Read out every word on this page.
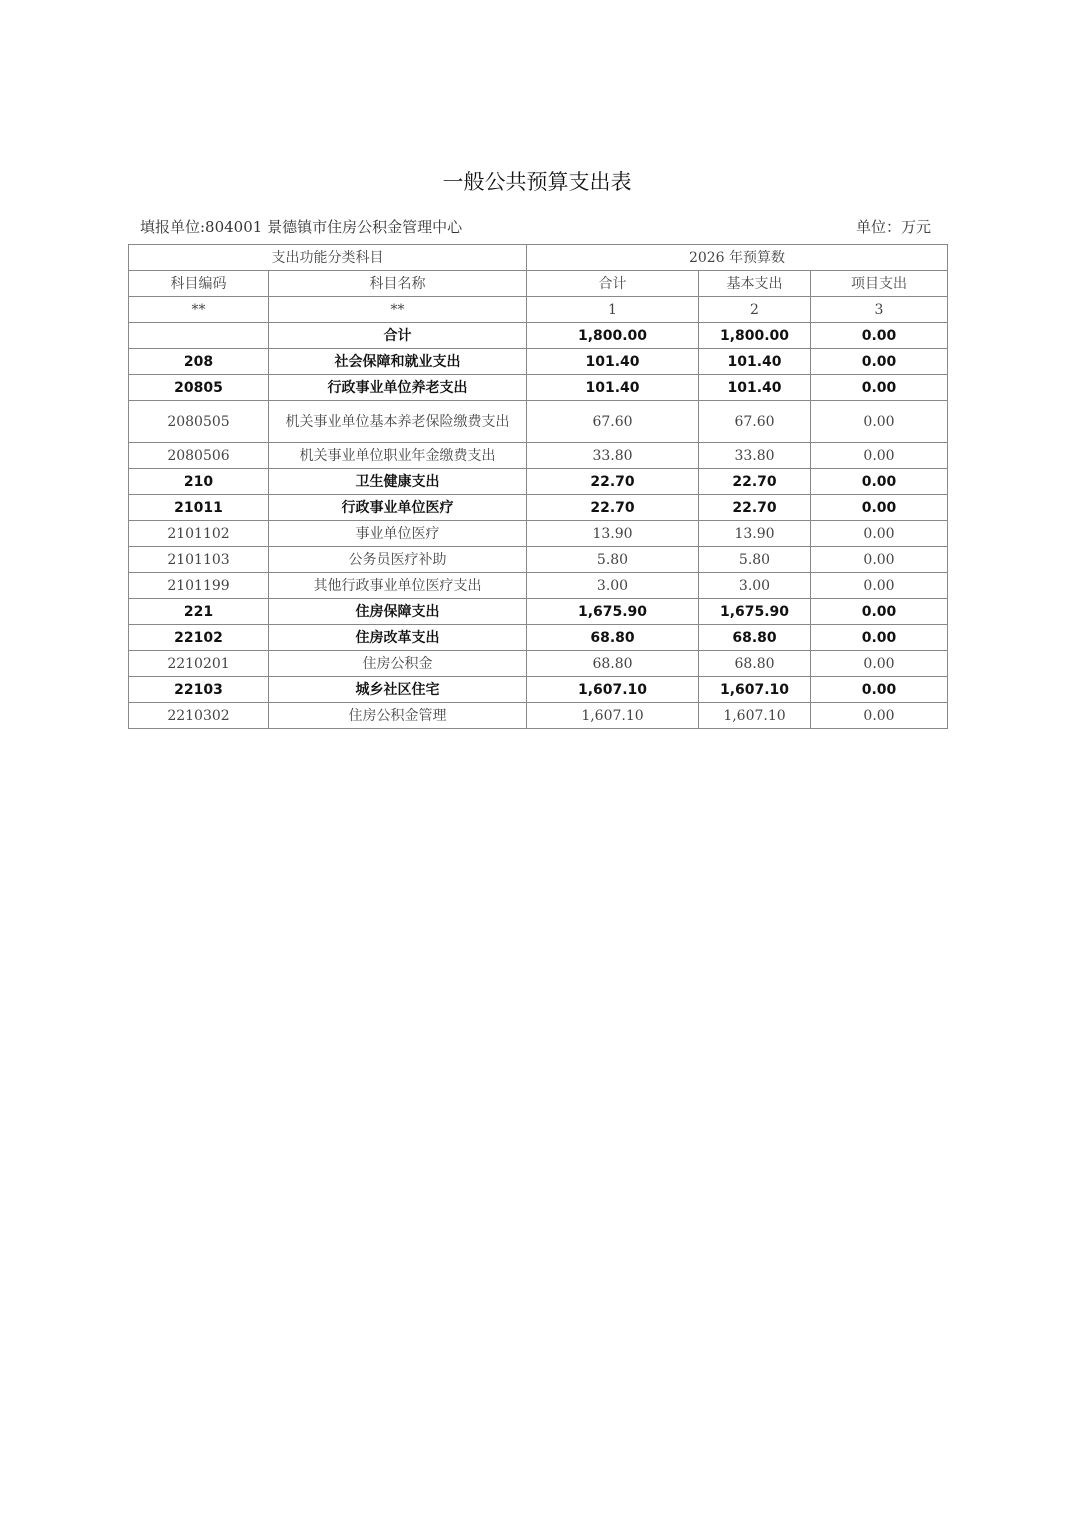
一般公共预算支出表
填报单位:804001 景德镇市住房公积金管理中心	单位：万元
支出功能分类科目		2026 年预算数		
科目编码	科目名称	合计	基本支出	项目支出
**	**	1	2	3
	合计	1,800.00	1,800.00	0.00
208	社会保障和就业支出	101.40	101.40	0.00
20805	行政事业单位养老支出	101.40	101.40	0.00
2080505	机关事业单位基本养老保险缴费支出	67.60	67.60	0.00
2080506	机关事业单位职业年金缴费支出	33.80	33.80	0.00
210	卫生健康支出	22.70	22.70	0.00
21011	行政事业单位医疗	22.70	22.70	0.00
2101102	事业单位医疗	13.90	13.90	0.00
2101103	公务员医疗补助	5.80	5.80	0.00
2101199	其他行政事业单位医疗支出	3.00	3.00	0.00
221	住房保障支出	1,675.90	1,675.90	0.00
22102	住房改革支出	68.80	68.80	0.00
2210201	住房公积金	68.80	68.80	0.00
22103	城乡社区住宅	1,607.10	1,607.10	0.00
2210302	住房公积金管理	1,607.10	1,607.10	0.00
